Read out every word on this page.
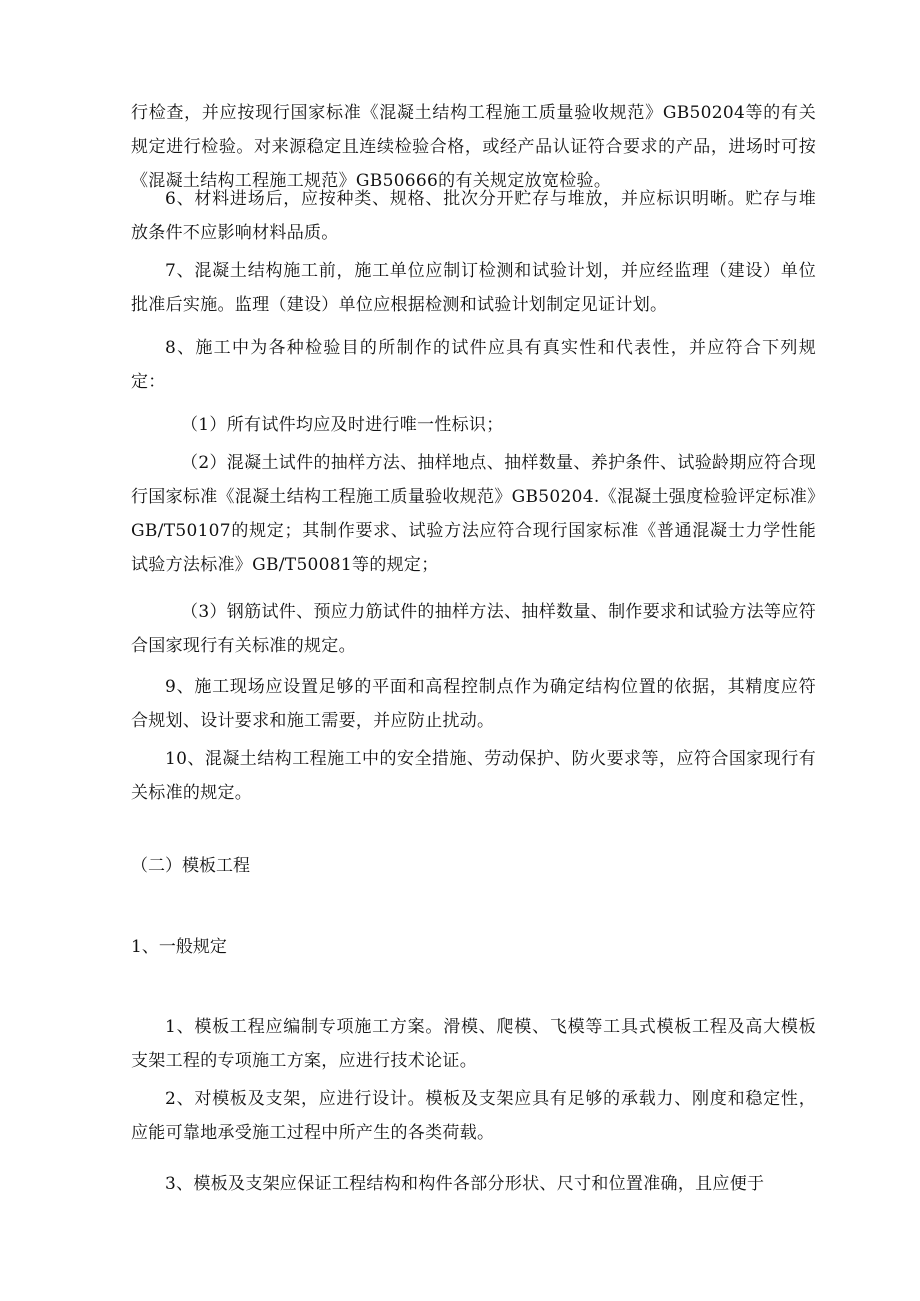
行检查，并应按现行国家标准《混凝土结构工程施工质量验收规范》GB50204等的有关规定进行检验。对来源稳定且连续检验合格，或经产品认证符合要求的产品，进场时可按《混凝土结构工程施工规范》GB50666的有关规定放宽检验。

6、材料进场后，应按种类、规格、批次分开贮存与堆放，并应标识明晰。贮存与堆放条件不应影响材料品质。

7、混凝土结构施工前，施工单位应制订检测和试验计划，并应经监理（建设）单位批准后实施。监理（建设）单位应根据检测和试验计划制定见证计划。

8、施工中为各种检验目的所制作的试件应具有真实性和代表性，并应符合下列规定：

（1）所有试件均应及时进行唯一性标识；

（2）混凝土试件的抽样方法、抽样地点、抽样数量、养护条件、试验龄期应符合现行国家标准《混凝土结构工程施工质量验收规范》GB50204.《混凝土强度检验评定标准》GB/T50107的规定；其制作要求、试验方法应符合现行国家标准《普通混凝士力学性能试验方法标准》GB/T50081等的规定；

（3）钢筋试件、预应力筋试件的抽样方法、抽样数量、制作要求和试验方法等应符合国家现行有关标准的规定。

9、施工现场应设置足够的平面和高程控制点作为确定结构位置的依据，其精度应符合规划、设计要求和施工需要，并应防止扰动。

10、混凝土结构工程施工中的安全措施、劳动保护、防火要求等，应符合国家现行有关标准的规定。

（二）模板工程

1、一般规定

1、模板工程应编制专项施工方案。滑模、爬模、飞模等工具式模板工程及高大模板支架工程的专项施工方案，应进行技术论证。

2、对模板及支架，应进行设计。模板及支架应具有足够的承载力、刚度和稳定性，应能可靠地承受施工过程中所产生的各类荷载。

3、模板及支架应保证工程结构和构件各部分形状、尺寸和位置准确，且应便于
